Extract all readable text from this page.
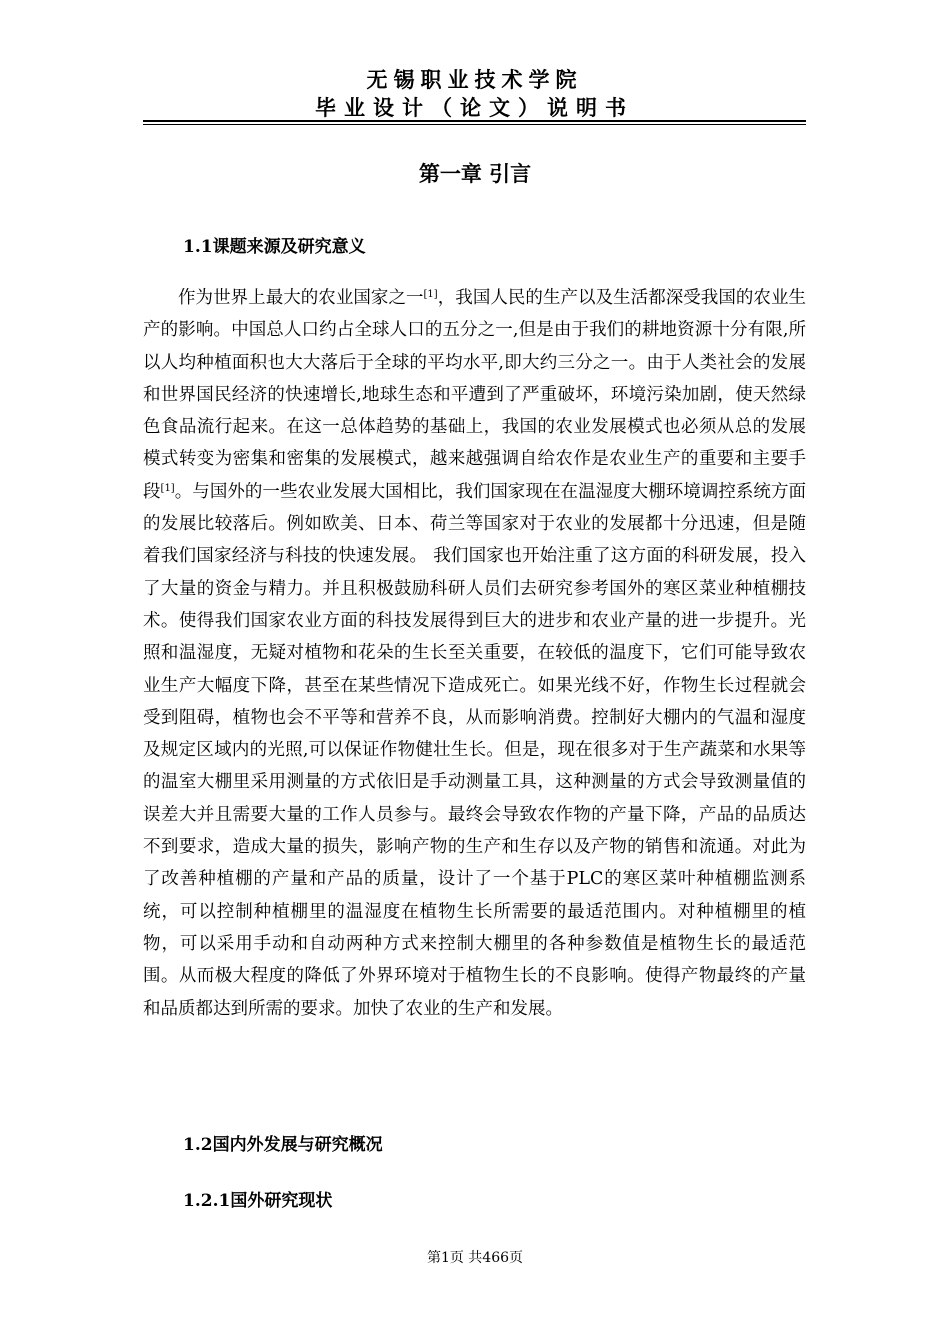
无锡职业技术学院
毕业设计（论文）说明书
第一章 引言
1.1课题来源及研究意义
作为世界上最大的农业国家之一[1]，我国人民的生产以及生活都深受我国的农业生产的影响。中国总人口约占全球人口的五分之一,但是由于我们的耕地资源十分有限,所以人均种植面积也大大落后于全球的平均水平,即大约三分之一。由于人类社会的发展和世界国民经济的快速增长,地球生态和平遭到了严重破坏，环境污染加剧，使天然绿色食品流行起来。在这一总体趋势的基础上，我国的农业发展模式也必须从总的发展模式转变为密集和密集的发展模式，越来越强调自给农作是农业生产的重要和主要手段[1]。与国外的一些农业发展大国相比，我们国家现在在温湿度大棚环境调控系统方面的发展比较落后。例如欧美、日本、荷兰等国家对于农业的发展都十分迅速，但是随着我们国家经济与科技的快速发展。 我们国家也开始注重了这方面的科研发展，投入了大量的资金与精力。并且积极鼓励科研人员们去研究参考国外的寒区菜业种植棚技术。使得我们国家农业方面的科技发展得到巨大的进步和农业产量的进一步提升。光照和温湿度，无疑对植物和花朵的生长至关重要，在较低的温度下，它们可能导致农业生产大幅度下降，甚至在某些情况下造成死亡。如果光线不好，作物生长过程就会受到阻碍，植物也会不平等和营养不良，从而影响消费。控制好大棚内的气温和湿度及规定区域内的光照,可以保证作物健壮生长。但是，现在很多对于生产蔬菜和水果等的温室大棚里采用测量的方式依旧是手动测量工具，这种测量的方式会导致测量值的误差大并且需要大量的工作人员参与。最终会导致农作物的产量下降，产品的品质达不到要求，造成大量的损失，影响产物的生产和生存以及产物的销售和流通。对此为了改善种植棚的产量和产品的质量，设计了一个基于PLC的寒区菜叶种植棚监测系统，可以控制种植棚里的温湿度在植物生长所需要的最适范围内。对种植棚里的植物，可以采用手动和自动两种方式来控制大棚里的各种参数值是植物生长的最适范围。从而极大程度的降低了外界环境对于植物生长的不良影响。使得产物最终的产量和品质都达到所需的要求。加快了农业的生产和发展。
1.2国内外发展与研究概况
1.2.1国外研究现状
第1页 共466页
